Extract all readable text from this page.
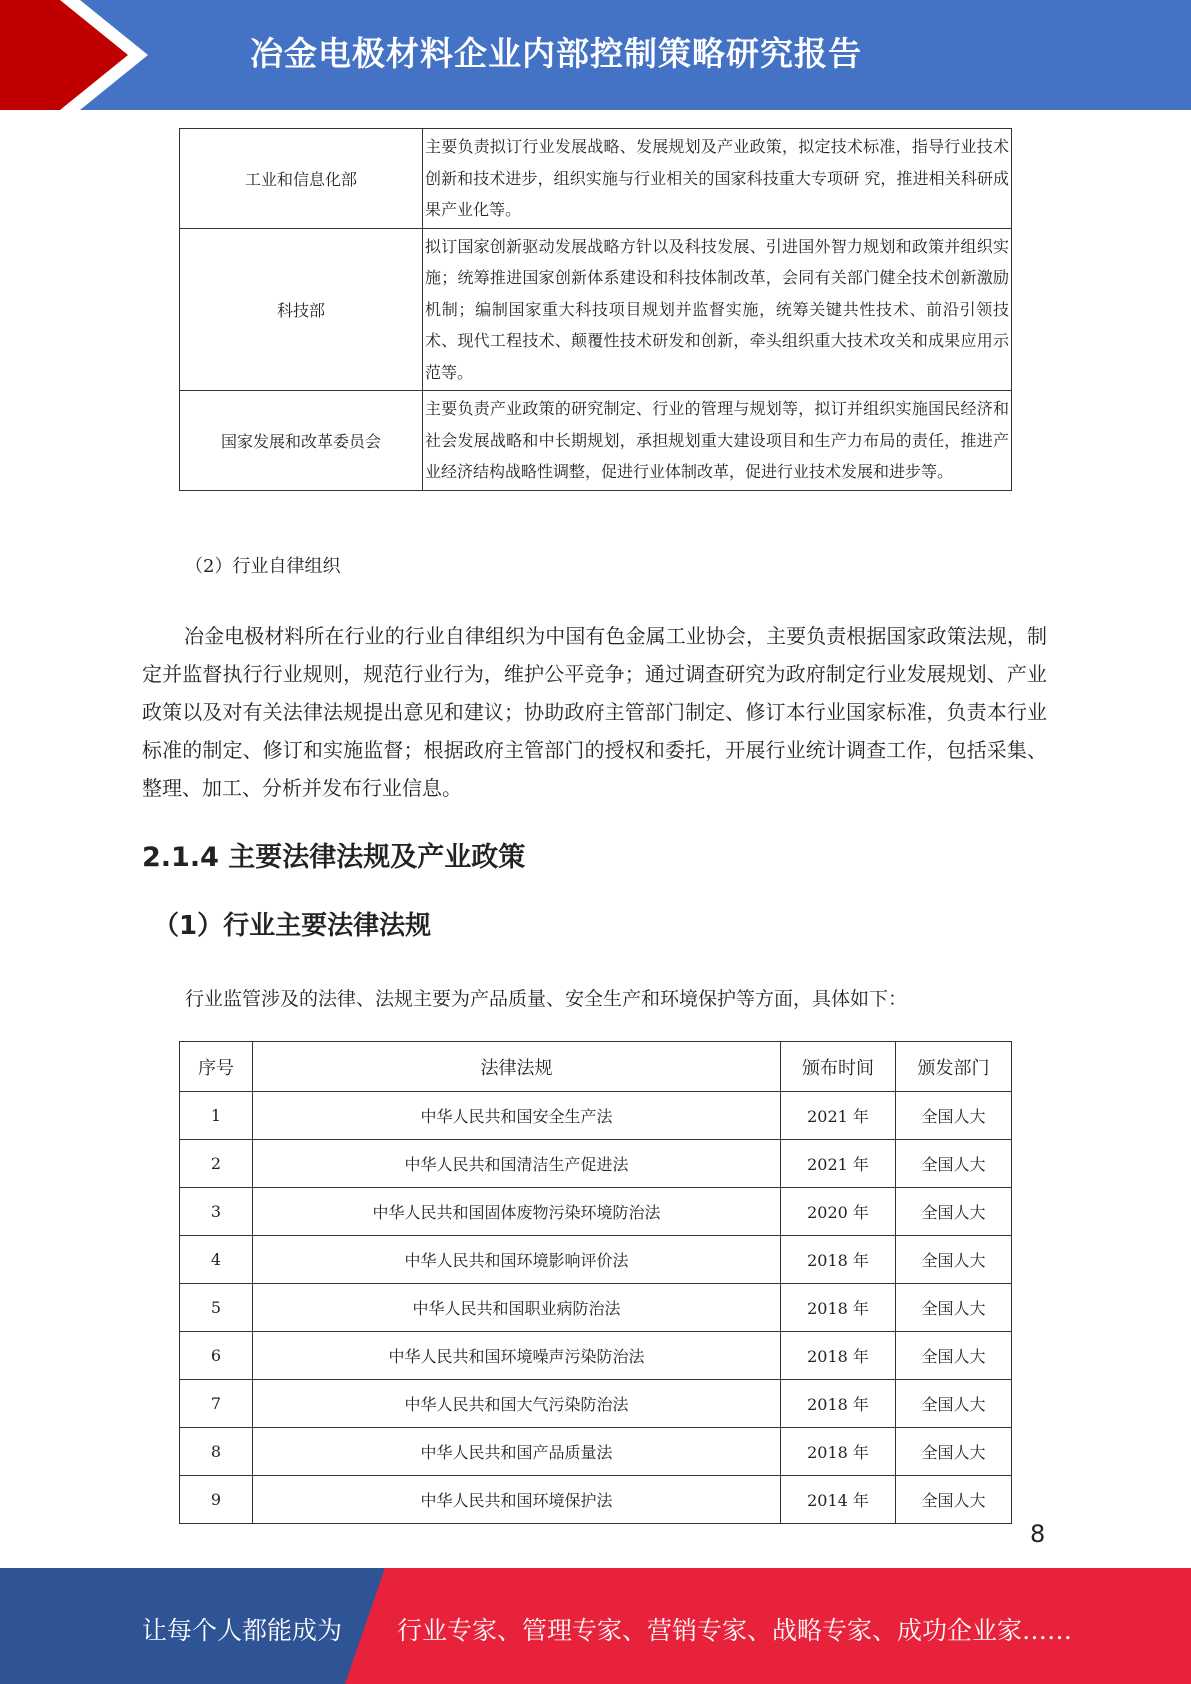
冶金电极材料企业内部控制策略研究报告
工业和信息化部	主要负责拟订行业发展战略、发展规划及产业政策，拟定技术标准，指导行业技术创新和技术进步，组织实施与行业相关的国家科技重大专项研 究，推进相关科研成果产业化等。
科技部	拟订国家创新驱动发展战略方针以及科技发展、引进国外智力规划和政策并组织实施；统筹推进国家创新体系建设和科技体制改革，会同有关部门健全技术创新激励机制；编制国家重大科技项目规划并监督实施，统筹关键共性技术、前沿引领技术、现代工程技术、颠覆性技术研发和创新，牵头组织重大技术攻关和成果应用示范等。
国家发展和改革委员会	主要负责产业政策的研究制定、行业的管理与规划等，拟订并组织实施国民经济和社会发展战略和中长期规划，承担规划重大建设项目和生产力布局的责任，推进产业经济结构战略性调整，促进行业体制改革，促进行业技术发展和进步等。
（2）行业自律组织
冶金电极材料所在行业的行业自律组织为中国有色金属工业协会，主要负责根据国家政策法规，制定并监督执行行业规则，规范行业行为，维护公平竞争；通过调查研究为政府制定行业发展规划、产业政策以及对有关法律法规提出意见和建议；协助政府主管部门制定、修订本行业国家标准，负责本行业标准的制定、修订和实施监督；根据政府主管部门的授权和委托，开展行业统计调查工作，包括采集、整理、加工、分析并发布行业信息。
2.1.4 主要法律法规及产业政策
（1）行业主要法律法规
行业监管涉及的法律、法规主要为产品质量、安全生产和环境保护等方面，具体如下：
序号	法律法规	颁布时间	颁发部门
1	中华人民共和国安全生产法	2021 年	全国人大
2	中华人民共和国清洁生产促进法	2021 年	全国人大
3	中华人民共和国固体废物污染环境防治法	2020 年	全国人大
4	中华人民共和国环境影响评价法	2018 年	全国人大
5	中华人民共和国职业病防治法	2018 年	全国人大
6	中华人民共和国环境噪声污染防治法	2018 年	全国人大
7	中华人民共和国大气污染防治法	2018 年	全国人大
8	中华人民共和国产品质量法	2018 年	全国人大
9	中华人民共和国环境保护法	2014 年	全国人大
8
让每个人都能成为 行业专家、管理专家、营销专家、战略专家、成功企业家……
